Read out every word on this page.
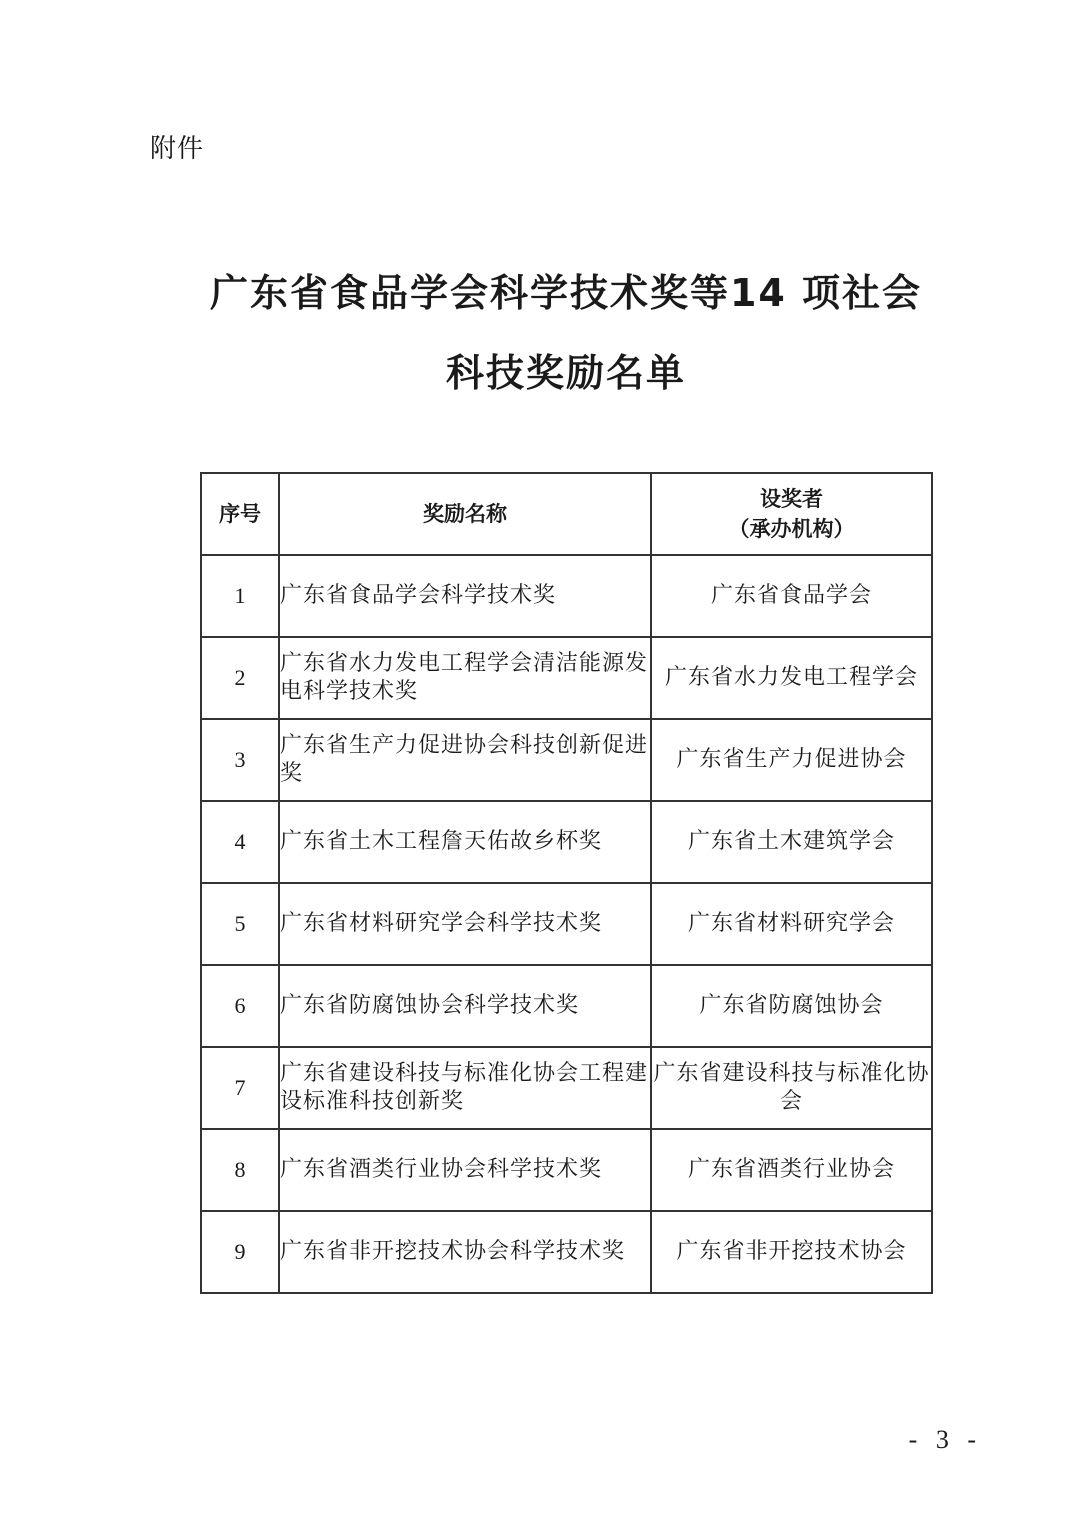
附件
广东省食品学会科学技术奖等14 项社会
科技奖励名单
序号	奖励名称	设奖者
（承办机构）

1	广东省食品学会科学技术奖	广东省食品学会
2	广东省水力发电工程学会清洁能源发电科学技术奖	广东省水力发电工程学会
3	广东省生产力促进协会科技创新促进奖	广东省生产力促进协会
4	广东省土木工程詹天佑故乡杯奖	广东省土木建筑学会
5	广东省材料研究学会科学技术奖	广东省材料研究学会
6	广东省防腐蚀协会科学技术奖	广东省防腐蚀协会
7	广东省建设科技与标准化协会工程建设标准科技创新奖	广东省建设科技与标准化协会
8	广东省酒类行业协会科学技术奖	广东省酒类行业协会
9	广东省非开挖技术协会科学技术奖	广东省非开挖技术协会
- 3 -
